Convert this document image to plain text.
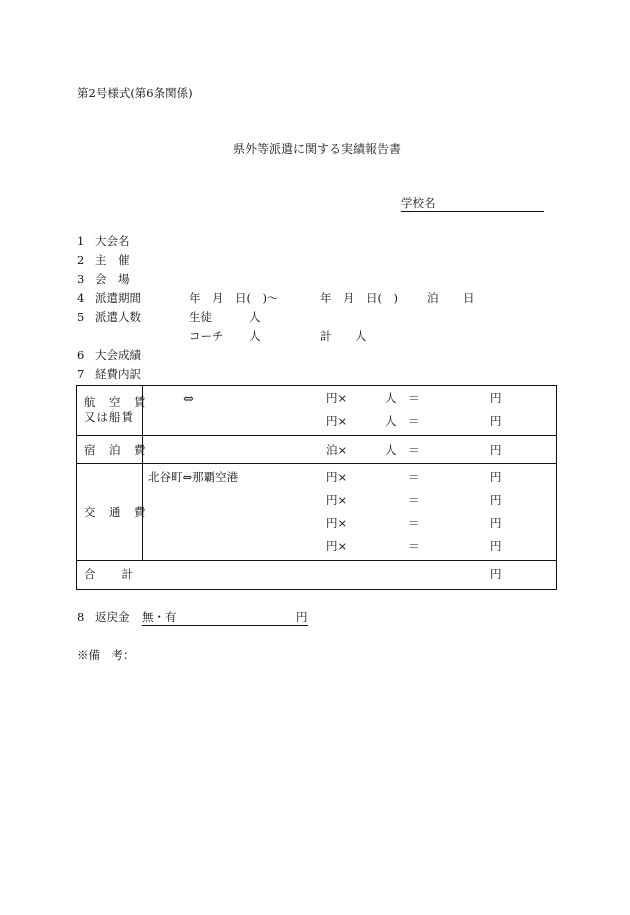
第2号様式(第6条関係)
県外等派遣に関する実績報告書
学校名
1 大会名
2 主　催
3 会　場
4 派遣期間	年　月　日(　)～	年　月　日(　)	泊 日
5 派遣人数	生徒	人
コーチ 人	計 人
6 大会成績
7 経費内訳
航　空　賃
又は船賃
⇔	円×	人 ＝	円
円×	人 ＝	円
宿　泊　費	泊×	人 ＝	円
交　通　費
北谷町⇔那覇空港	円×	＝	円
円×	＝	円
円×	＝	円
円×	＝	円
合　　計	円
8 返戻金 無・有	円
※備　考：
